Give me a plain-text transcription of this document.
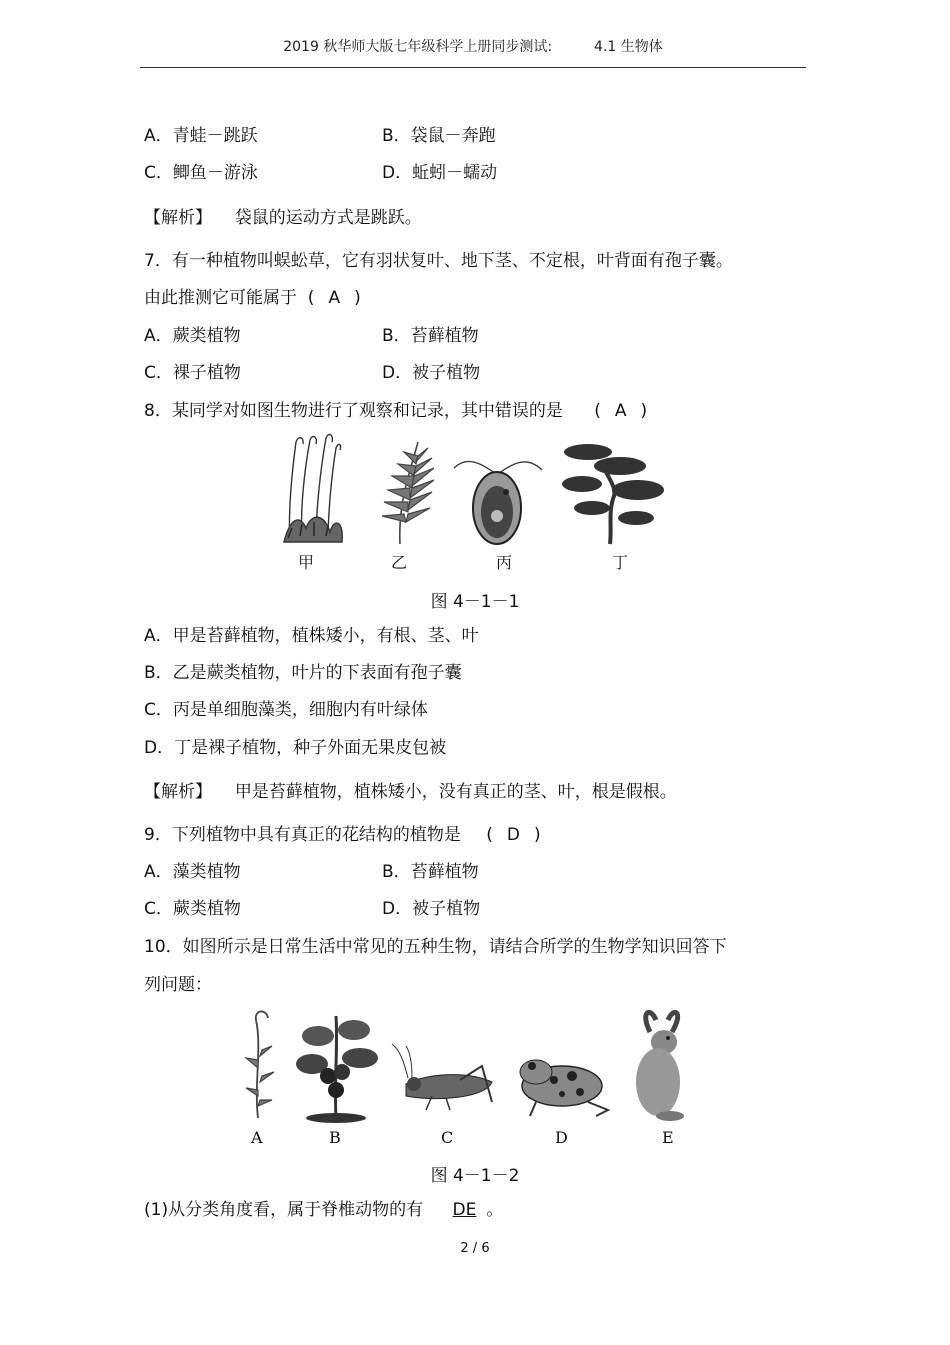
2019 秋华师大版七年级科学上册同步测试:	4.1 生物体
A．青蛙－跳跃	B．袋鼠－奔跑
C．鲫鱼－游泳	D．蚯蚓－蠕动
【解析】 袋鼠的运动方式是跳跃。
7．有一种植物叫蜈蚣草，它有羽状复叶、地下茎、不定根，叶背面有孢子囊。
由此推测它可能属于  ( A )
A．蕨类植物	B．苔藓植物
C．裸子植物	D．被子植物
8．某同学对如图生物进行了观察和记录，其中错误的是 ( A )
甲	乙	丙	丁
图 4－1－1
A．甲是苔藓植物，植株矮小，有根、茎、叶
B．乙是蕨类植物，叶片的下表面有孢子囊
C．丙是单细胞藻类，细胞内有叶绿体
D．丁是裸子植物，种子外面无果皮包被
【解析】 甲是苔藓植物，植株矮小，没有真正的茎、叶，根是假根。
9．下列植物中具有真正的花结构的植物是 ( D )
A．藻类植物	B．苔藓植物
C．蕨类植物	D．被子植物
10．如图所示是日常生活中常见的五种生物，请结合所学的生物学知识回答下
列问题：
A	B	C	D	E
图 4－1－2
(1)从分类角度看，属于脊椎动物的有 DE 。
2 / 6
